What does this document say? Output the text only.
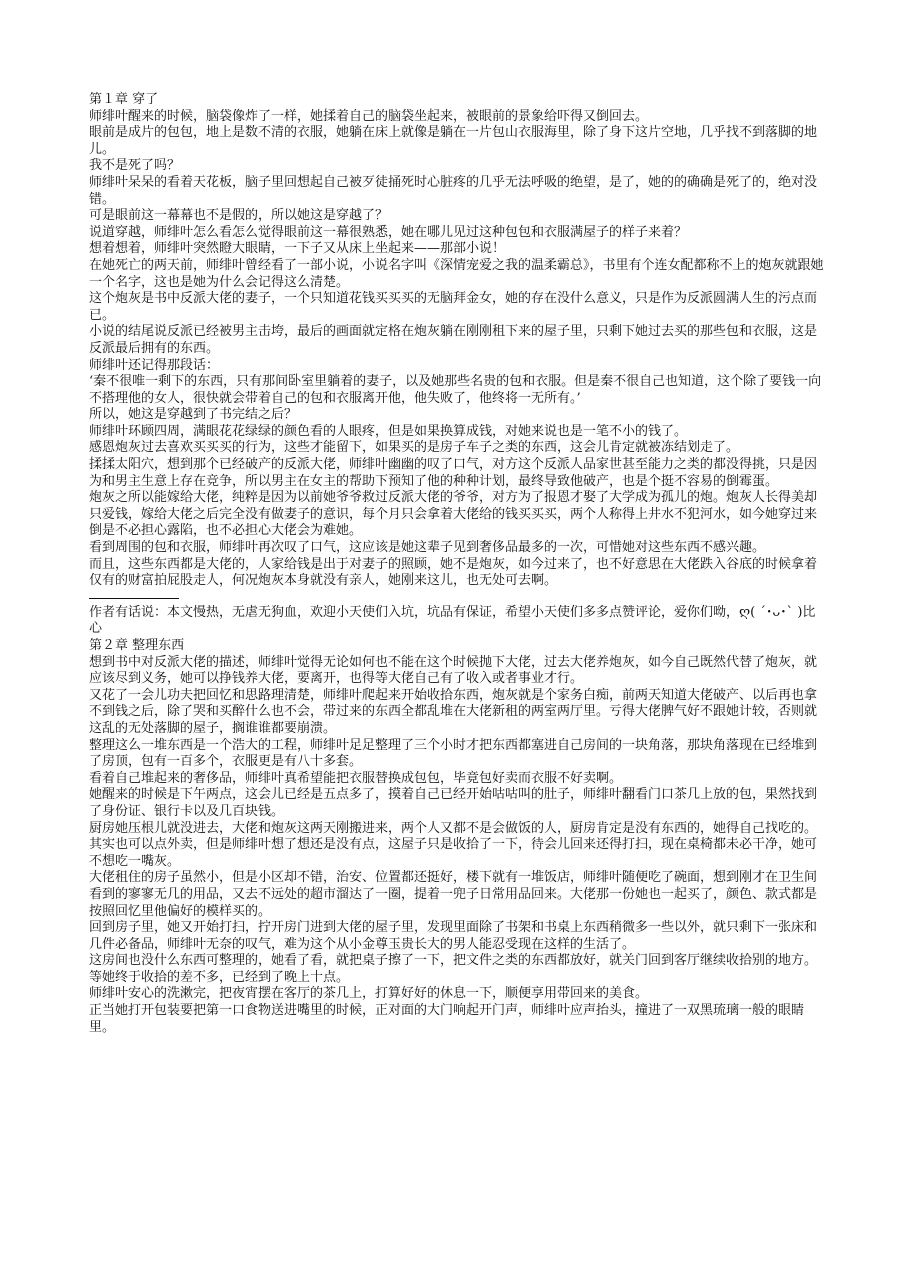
第１章 穿了

师绯叶醒来的时候，脑袋像炸了一样，她揉着自己的脑袋坐起来，被眼前的景象给吓得又倒回去。

眼前是成片的包包，地上是数不清的衣服，她躺在床上就像是躺在一片包山衣服海里，除了身下这片空地，几乎找不到落脚的地儿。

我不是死了吗？

师绯叶呆呆的看着天花板，脑子里回想起自己被歹徒捅死时心脏疼的几乎无法呼吸的绝望，是了，她的的确确是死了的，绝对没错。

可是眼前这一幕幕也不是假的，所以她这是穿越了？

说道穿越，师绯叶怎么看怎么觉得眼前这一幕很熟悉，她在哪儿见过这种包包和衣服满屋子的样子来着？

想着想着，师绯叶突然瞪大眼睛，一下子又从床上坐起来——那部小说！

在她死亡的两天前，师绯叶曾经看了一部小说，小说名字叫《深情宠爱之我的温柔霸总》，书里有个连女配都称不上的炮灰就跟她一个名字，这也是她为什么会记得这么清楚。

这个炮灰是书中反派大佬的妻子，一个只知道花钱买买买的无脑拜金女，她的存在没什么意义，只是作为反派圆满人生的污点而已。

小说的结尾说反派已经被男主击垮，最后的画面就定格在炮灰躺在刚刚租下来的屋子里，只剩下她过去买的那些包和衣服，这是反派最后拥有的东西。

师绯叶还记得那段话：

‘秦不很唯一剩下的东西，只有那间卧室里躺着的妻子，以及她那些名贵的包和衣服。但是秦不很自己也知道，这个除了要钱一向不搭理他的女人，很快就会带着自己的包和衣服离开他，他失败了，他终将一无所有。’

所以，她这是穿越到了书完结之后？

师绯叶环顾四周，满眼花花绿绿的颜色看的人眼疼，但是如果换算成钱，对她来说也是一笔不小的钱了。

感恩炮灰过去喜欢买买买的行为，这些才能留下，如果买的是房子车子之类的东西，这会儿肯定就被冻结划走了。

揉揉太阳穴，想到那个已经破产的反派大佬，师绯叶幽幽的叹了口气，对方这个反派人品家世甚至能力之类的都没得挑，只是因为和男主生意上存在竞争，所以男主在女主的帮助下预知了他的种种计划，最终导致他破产，也是个挺不容易的倒霉蛋。

炮灰之所以能嫁给大佬，纯粹是因为以前她爷爷救过反派大佬的爷爷，对方为了报恩才娶了大学成为孤儿的炮。炮灰人长得美却只爱钱，嫁给大佬之后完全没有做妻子的意识，每个月只会拿着大佬给的钱买买买，两个人称得上井水不犯河水，如今她穿过来倒是不必担心露陷，也不必担心大佬会为难她。

看到周围的包和衣服，师绯叶再次叹了口气，这应该是她这辈子见到奢侈品最多的一次，可惜她对这些东西不感兴趣。

而且，这些东西都是大佬的，人家给钱是出于对妻子的照顾，她不是炮灰，如今过来了，也不好意思在大佬跌入谷底的时候拿着仅有的财富拍屁股走人，何况炮灰本身就没有亲人，她刚来这儿，也无处可去啊。

作者有话说：本文慢热，无虐无狗血，欢迎小天使们入坑，坑品有保证，希望小天使们多多点赞评论，爱你们呦，ღ( ´･ᴗ･` )比心

第２章 整理东西

想到书中对反派大佬的描述，师绯叶觉得无论如何也不能在这个时候抛下大佬，过去大佬养炮灰，如今自己既然代替了炮灰，就应该尽到义务，她可以挣钱养大佬，要离开，也得等大佬自己有了收入或者事业才行。

又花了一会儿功夫把回忆和思路理清楚，师绯叶爬起来开始收拾东西，炮灰就是个家务白痴，前两天知道大佬破产、以后再也拿不到钱之后，除了哭和买醉什么也不会，带过来的东西全都乱堆在大佬新租的两室两厅里。亏得大佬脾气好不跟她计较，否则就这乱的无处落脚的屋子，搁谁谁都要崩溃。

整理这么一堆东西是一个浩大的工程，师绯叶足足整理了三个小时才把东西都塞进自己房间的一块角落，那块角落现在已经堆到了房顶，包有一百多个，衣服更是有八十多套。

看着自己堆起来的奢侈品，师绯叶真希望能把衣服替换成包包，毕竟包好卖而衣服不好卖啊。

她醒来的时候是下午两点，这会儿已经是五点多了，摸着自己已经开始咕咕叫的肚子，师绯叶翻看门口茶几上放的包，果然找到了身份证、银行卡以及几百块钱。

厨房她压根儿就没进去，大佬和炮灰这两天刚搬进来，两个人又都不是会做饭的人，厨房肯定是没有东西的，她得自己找吃的。

其实也可以点外卖，但是师绯叶想了想还是没有点，这屋子只是收拾了一下，待会儿回来还得打扫，现在桌椅都未必干净，她可不想吃一嘴灰。

大佬租住的房子虽然小，但是小区却不错，治安、位置都还挺好，楼下就有一堆饭店，师绯叶随便吃了碗面，想到刚才在卫生间看到的寥寥无几的用品，又去不远处的超市溜达了一圈，提着一兜子日常用品回来。大佬那一份她也一起买了，颜色、款式都是按照回忆里他偏好的模样买的。

回到房子里，她又开始打扫，拧开房门进到大佬的屋子里，发现里面除了书架和书桌上东西稍微多一些以外，就只剩下一张床和几件必备品，师绯叶无奈的叹气，难为这个从小金尊玉贵长大的男人能忍受现在这样的生活了。

这房间也没什么东西可整理的，她看了看，就把桌子擦了一下，把文件之类的东西都放好，就关门回到客厅继续收拾别的地方。

等她终于收拾的差不多，已经到了晚上十点。

师绯叶安心的洗漱完，把夜宵摆在客厅的茶几上，打算好好的休息一下，顺便享用带回来的美食。

正当她打开包装要把第一口食物送进嘴里的时候，正对面的大门响起开门声，师绯叶应声抬头，撞进了一双黑琉璃一般的眼睛里。
